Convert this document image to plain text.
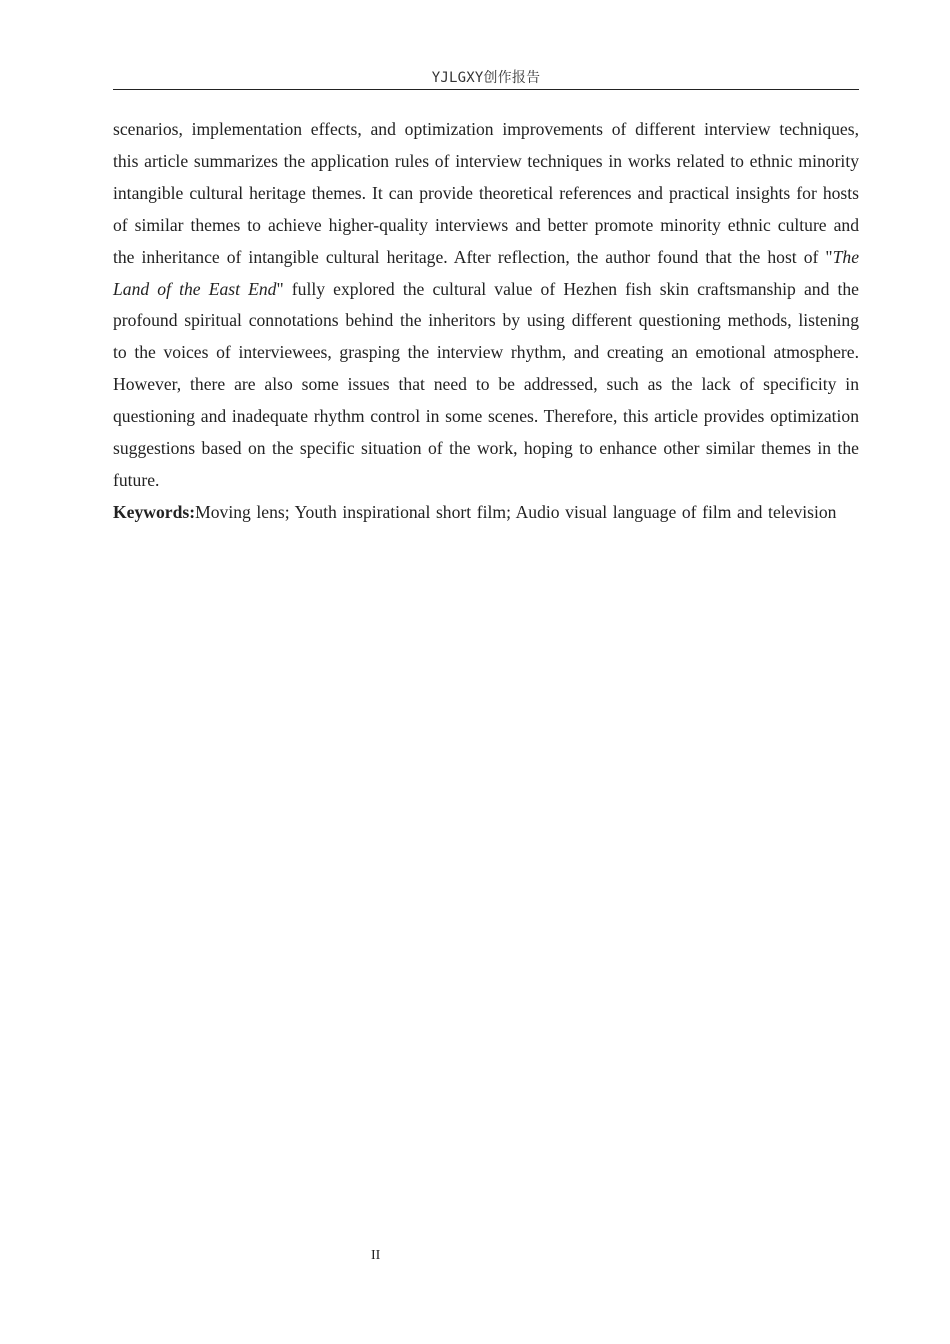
YJLGXY创作报告

scenarios, implementation effects, and optimization improvements of different interview techniques, this article summarizes the application rules of interview techniques in works related to ethnic minority intangible cultural heritage themes. It can provide theoretical references and practical insights for hosts of similar themes to achieve higher-quality interviews and better promote minority ethnic culture and the inheritance of intangible cultural heritage. After reflection, the author found that the host of "The Land of the East End" fully explored the cultural value of Hezhen fish skin craftsmanship and the profound spiritual connotations behind the inheritors by using different questioning methods, listening to the voices of interviewees, grasping the interview rhythm, and creating an emotional atmosphere. However, there are also some issues that need to be addressed, such as the lack of specificity in questioning and inadequate rhythm control in some scenes. Therefore, this article provides optimization suggestions based on the specific situation of the work, hoping to enhance other similar themes in the future.

Keywords:Moving lens; Youth inspirational short film; Audio visual language of film and television

II
